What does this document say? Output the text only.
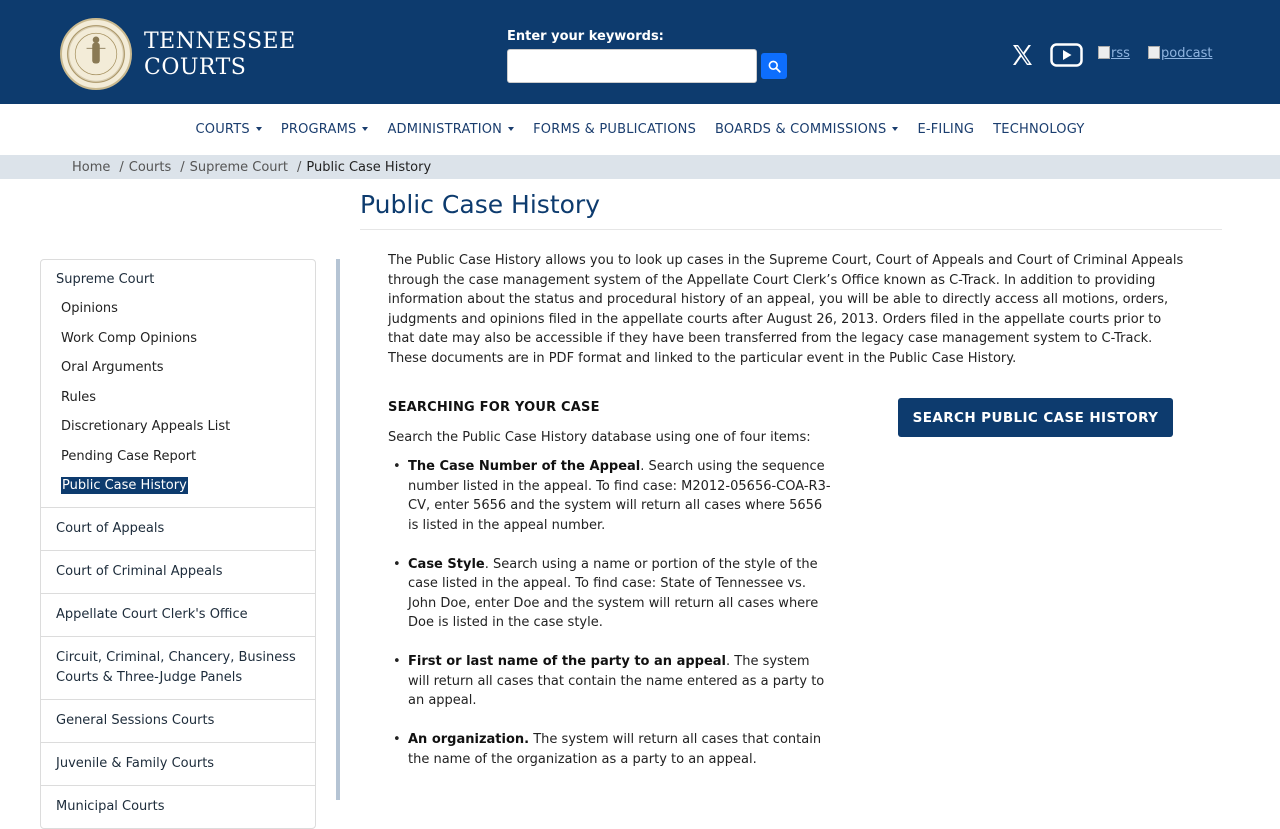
TENNESSEE
COURTS
Enter your keywords:
rss	podcast
COURTS	PROGRAMS	ADMINISTRATION	FORMS & PUBLICATIONS	BOARDS & COMMISSIONS	E-FILING	TECHNOLOGY
Home / Courts / Supreme Court / Public Case History
Public Case History
Supreme Court
Opinions
Work Comp Opinions
Oral Arguments
Rules
Discretionary Appeals List
Pending Case Report
Public Case History
Court of Appeals
Court of Criminal Appeals
Appellate Court Clerk's Office
Circuit, Criminal, Chancery, Business Courts & Three-Judge Panels
General Sessions Courts
Juvenile & Family Courts
Municipal Courts

The Public Case History allows you to look up cases in the Supreme Court, Court of Appeals and Court of Criminal Appeals through the case management system of the Appellate Court Clerk’s Office known as C-Track. In addition to providing information about the status and procedural history of an appeal, you will be able to directly access all motions, orders, judgments and opinions filed in the appellate courts after August 26, 2013. Orders filed in the appellate courts prior to that date may also be accessible if they have been transferred from the legacy case management system to C-Track. These documents are in PDF format and linked to the particular event in the Public Case History.

SEARCHING FOR YOUR CASE
Search the Public Case History database using one of four items:
• The Case Number of the Appeal. Search using the sequence number listed in the appeal. To find case: M2012-05656-COA-R3-CV, enter 5656 and the system will return all cases where 5656 is listed in the appeal number.
• Case Style. Search using a name or portion of the style of the case listed in the appeal. To find case: State of Tennessee vs. John Doe, enter Doe and the system will return all cases where Doe is listed in the case style.
• First or last name of the party to an appeal. The system will return all cases that contain the name entered as a party to an appeal.
• An organization. The system will return all cases that contain the name of the organization as a party to an appeal.
SEARCH PUBLIC CASE HISTORY
